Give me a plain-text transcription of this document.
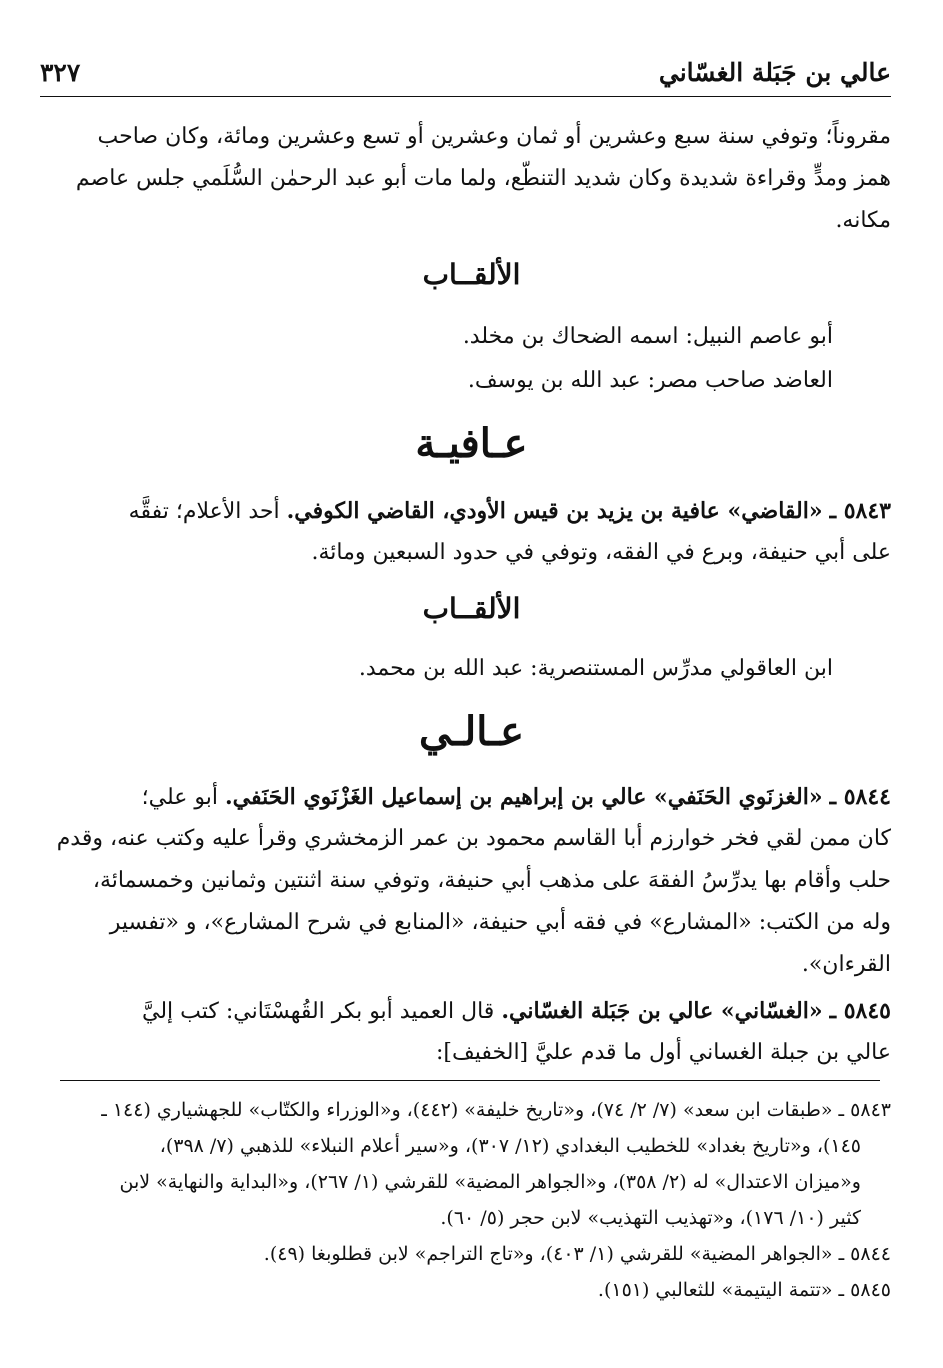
عالي بن جَبَلة الغسّاني
٣٢٧
مقروناً؛ وتوفي سنة سبع وعشرين أو ثمان وعشرين أو تسع وعشرين ومائة، وكان صاحب
همز ومدٍّ وقراءة شديدة وكان شديد التنطّع، ولما مات أبو عبد الرحمٰن السُّلَمي جلس عاصم
مكانه.
الألقــاب
أبو عاصم النبيل: اسمه الضحاك بن مخلد.
العاضد صاحب مصر: عبد الله بن يوسف.
عـافيـة
٥٨٤٣ ـ «القاضي» عافية بن يزيد بن قيس الأودي، القاضي الكوفي. أحد الأعلام؛ تفقَّه
على أبي حنيفة، وبرع في الفقه، وتوفي في حدود السبعين ومائة.
الألقــاب
ابن العاقولي مدرِّس المستنصرية: عبد الله بن محمد.
عـالـي
٥٨٤٤ ـ «الغزنَوي الحَنَفي» عالي بن إبراهيم بن إسماعيل الغَزْنَوي الحَنَفي. أبو علي؛
كان ممن لقي فخر خوارزم أبا القاسم محمود بن عمر الزمخشري وقرأ عليه وكتب عنه، وقدم
حلب وأقام بها يدرِّسُ الفقهَ على مذهب أبي حنيفة، وتوفي سنة اثنتين وثمانين وخمسمائة،
وله من الكتب: «المشارع» في فقه أبي حنيفة، «المنابع في شرح المشارع»، و «تفسير
القرءان».
٥٨٤٥ ـ «الغسّاني» عالي بن جَبَلة الغسّاني. قال العميد أبو بكر القُهسْتَاني: كتب إليَّ
عالي بن جبلة الغساني أول ما قدم عليَّ [الخفيف]:
٥٨٤٣ ـ «طبقات ابن سعد» (٧/ ٢/ ٧٤)، و«تاريخ خليفة» (٤٤٢)، و«الوزراء والكتّاب» للجهشياري (١٤٤ ـ
١٤٥)، و«تاريخ بغداد» للخطيب البغدادي (١٢/ ٣٠٧)، و«سير أعلام النبلاء» للذهبي (٧/ ٣٩٨)،
و«ميزان الاعتدال» له (٢/ ٣٥٨)، و«الجواهر المضية» للقرشي (١/ ٢٦٧)، و«البداية والنهاية» لابن
كثير (١٠/ ١٧٦)، و«تهذيب التهذيب» لابن حجر (٥/ ٦٠).
٥٨٤٤ ـ «الجواهر المضية» للقرشي (١/ ٤٠٣)، و«تاج التراجم» لابن قطلوبغا (٤٩).
٥٨٤٥ ـ «تتمة اليتيمة» للثعالبي (١٥١).
